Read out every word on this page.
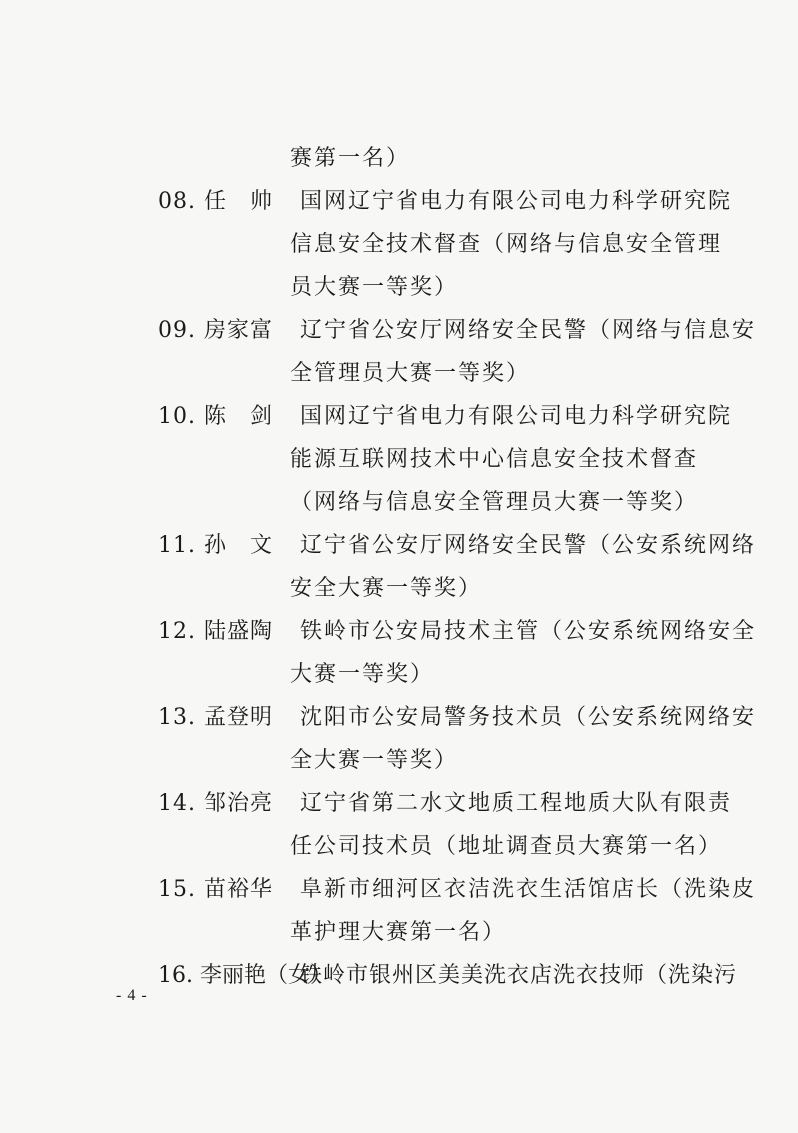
赛第一名）
08. 任　帅 国网辽宁省电力有限公司电力科学研究院
信息安全技术督查（网络与信息安全管理
员大赛一等奖）
09. 房家富 辽宁省公安厅网络安全民警（网络与信息安
全管理员大赛一等奖）
10. 陈　剑 国网辽宁省电力有限公司电力科学研究院
能源互联网技术中心信息安全技术督查
（网络与信息安全管理员大赛一等奖）
11. 孙　文 辽宁省公安厅网络安全民警（公安系统网络
安全大赛一等奖）
12. 陆盛陶 铁岭市公安局技术主管（公安系统网络安全
大赛一等奖）
13. 孟登明 沈阳市公安局警务技术员（公安系统网络安
全大赛一等奖）
14. 邹治亮 辽宁省第二水文地质工程地质大队有限责
任公司技术员（地址调查员大赛第一名）
15. 苗裕华 阜新市细河区衣洁洗衣生活馆店长（洗染皮
革护理大赛第一名）
16. 李丽艳（女）
铁岭市银州区美美洗衣店洗衣技师（洗染污
- 4 -
